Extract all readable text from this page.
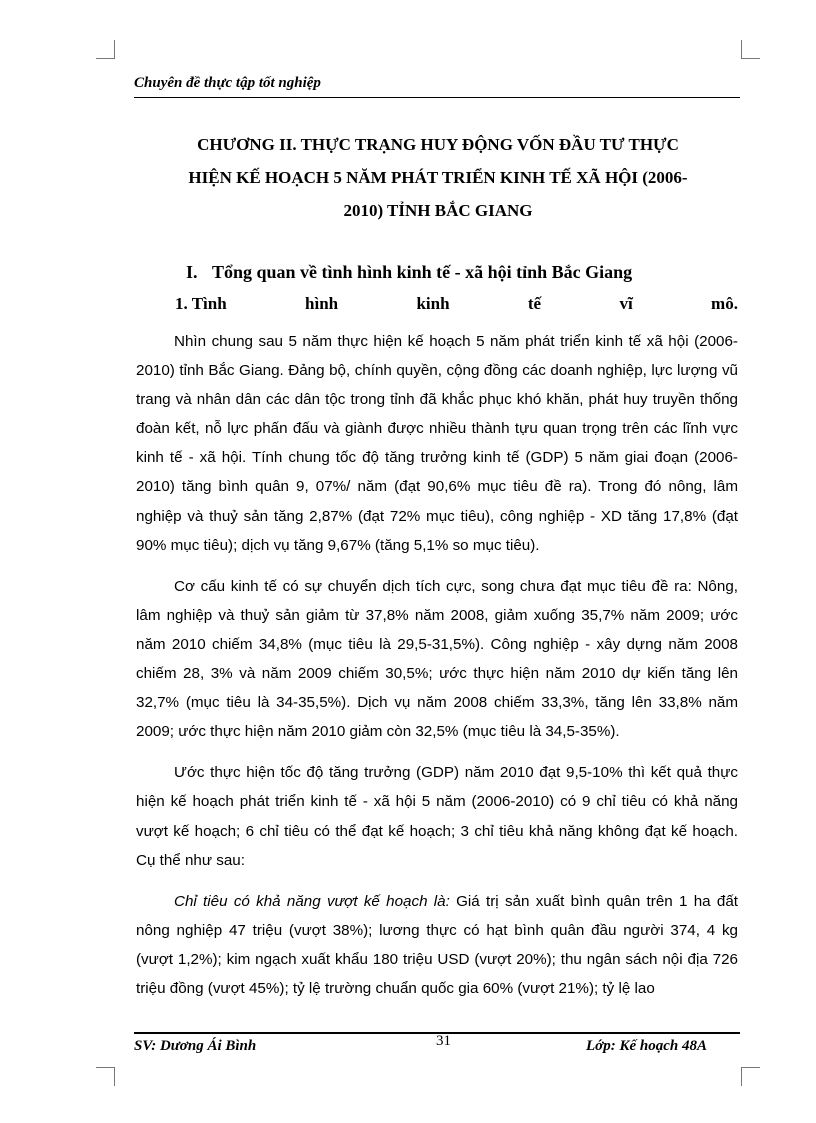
Chuyên đề thực tập tốt nghiệp
CHƯƠNG II. THỰC TRẠNG HUY ĐỘNG VỐN ĐẦU TƯ THỰC
HIỆN KẾ HOẠCH 5 NĂM PHÁT TRIỂN KINH TẾ XÃ HỘI (2006-
2010) TỈNH BẮC GIANG
I. Tổng quan về tình hình kinh tế - xã hội tỉnh Bắc Giang
1. Tình	hình	kinh	tế	vĩ	mô.

Nhìn chung sau 5 năm thực hiện kế hoạch 5 năm phát triển kinh tế xã hội (2006-2010) tỉnh Bắc Giang. Đảng bộ, chính quyền, cộng đồng các doanh nghiệp, lực lượng vũ trang và nhân dân các dân tộc trong tỉnh đã khắc phục khó khăn, phát huy truyền thống đoàn kết, nỗ lực phấn đấu và giành được nhiều thành tựu quan trọng trên các lĩnh vực kinh tế - xã hội. Tính chung tốc độ tăng trưởng kinh tế (GDP) 5 năm giai đoạn (2006-2010) tăng bình quân 9, 07%/ năm (đạt 90,6% mục tiêu đề ra). Trong đó nông, lâm nghiệp và thuỷ sản tăng 2,87% (đạt 72% mục tiêu), công nghiệp - XD tăng 17,8% (đạt 90% mục tiêu); dịch vụ tăng 9,67% (tăng 5,1% so mục tiêu).

Cơ cấu kinh tế có sự chuyển dịch tích cực, song chưa đạt mục tiêu đề ra: Nông, lâm nghiệp và thuỷ sản giảm từ 37,8% năm 2008, giảm xuống 35,7% năm 2009; ước năm 2010 chiếm 34,8% (mục tiêu là 29,5-31,5%). Công nghiệp - xây dựng năm 2008 chiếm 28, 3% và năm 2009 chiếm 30,5%; ước thực hiện năm 2010 dự kiến tăng lên 32,7% (mục tiêu là 34-35,5%). Dịch vụ năm 2008 chiếm 33,3%, tăng lên 33,8% năm 2009; ước thực hiện năm 2010 giảm còn 32,5% (mục tiêu là 34,5-35%).

Ước thực hiện tốc độ tăng trưởng (GDP) năm 2010 đạt 9,5-10% thì kết quả thực hiện kế hoạch phát triển kinh tế - xã hội 5 năm (2006-2010) có 9 chỉ tiêu có khả năng vượt kế hoạch; 6 chỉ tiêu có thể đạt kế hoạch; 3 chỉ tiêu khả năng không đạt kế hoạch. Cụ thể như sau:

Chỉ tiêu có khả năng vượt kế hoạch là: Giá trị sản xuất bình quân trên 1 ha đất nông nghiệp 47 triệu (vượt 38%); lương thực có hạt bình quân đầu người 374, 4 kg (vượt 1,2%); kim ngạch xuất khẩu 180 triệu USD (vượt 20%); thu ngân sách nội địa 726 triệu đồng (vượt 45%); tỷ lệ trường chuẩn quốc gia 60% (vượt 21%); tỷ lệ lao

SV: Dương Ái Bình	31	Lớp: Kế hoạch 48A
